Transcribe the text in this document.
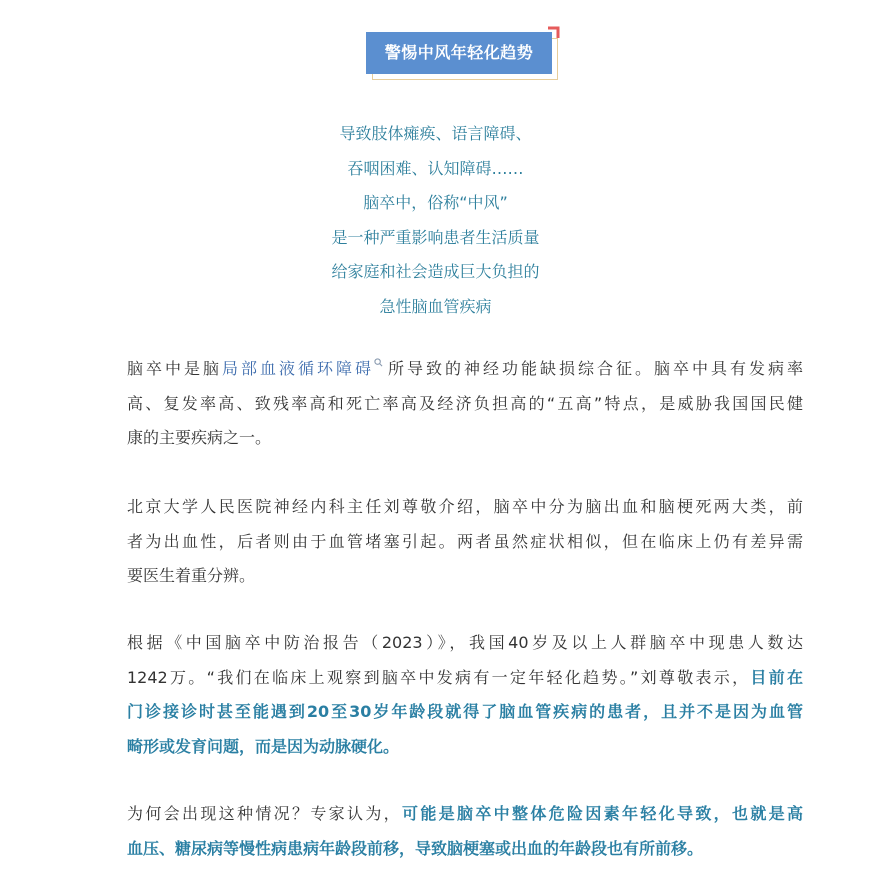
警惕中风年轻化趋势
导致肢体瘫痪、语言障碍、
吞咽困难、认知障碍……
脑卒中，俗称“中风”
是一种严重影响患者生活质量
给家庭和社会造成巨大负担的
急性脑血管疾病
脑卒中是脑局部血液循环障碍 所导致的神经功能缺损综合征。脑卒中具有发病率
高、复发率高、致残率高和死亡率高及经济负担高的“五高”特点，是威胁我国国民健
康的主要疾病之一。
北京大学人民医院神经内科主任刘尊敬介绍，脑卒中分为脑出血和脑梗死两大类，前
者为出血性，后者则由于血管堵塞引起。两者虽然症状相似，但在临床上仍有差异需
要医生着重分辨。
根据《中国脑卒中防治报告（2023）》，我国40岁及以上人群脑卒中现患人数达
1242万。“我们在临床上观察到脑卒中发病有一定年轻化趋势。”刘尊敬表示，目前在
门诊接诊时甚至能遇到20至30岁年龄段就得了脑血管疾病的患者，且并不是因为血管
畸形或发育问题，而是因为动脉硬化。
为何会出现这种情况？专家认为，可能是脑卒中整体危险因素年轻化导致，也就是高
血压、糖尿病等慢性病患病年龄段前移，导致脑梗塞或出血的年龄段也有所前移。
